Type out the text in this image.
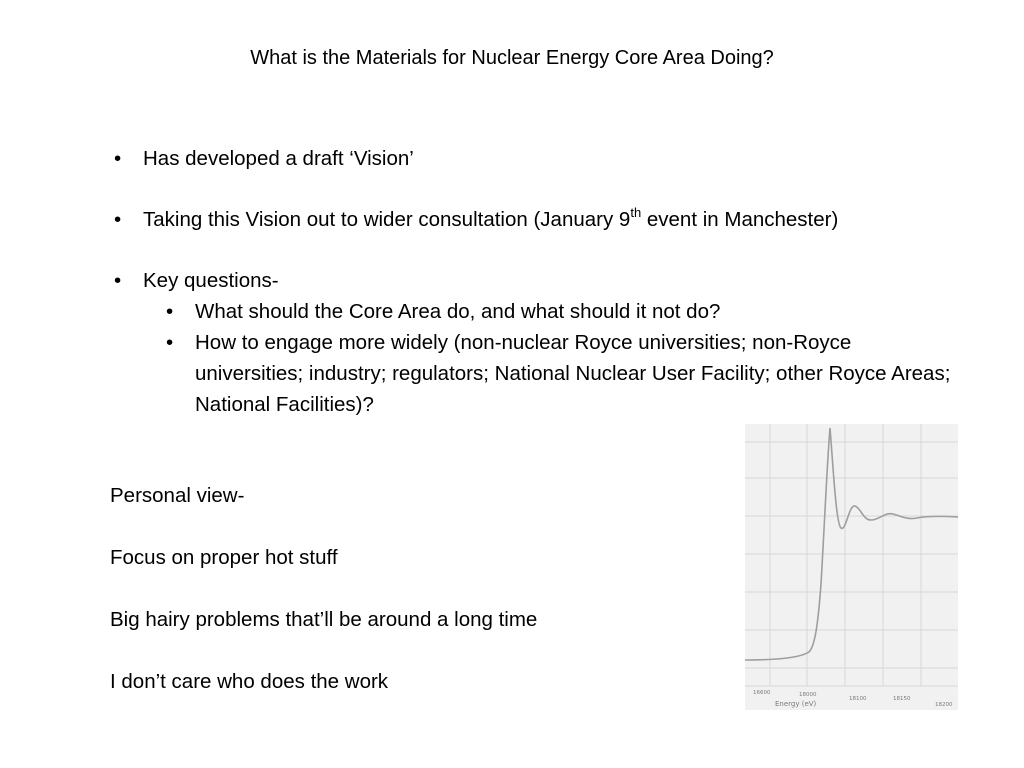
What is the Materials for Nuclear Energy Core Area Doing?
• Has developed a draft ‘Vision’
• Taking this Vision out to wider consultation (January 9th event in Manchester)
• Key questions-
• What should the Core Area do, and what should it not do?
• How to engage more widely (non-nuclear Royce universities; non-Royce universities; industry; regulators; National Nuclear User Facility; other Royce Areas; National Facilities)?

Personal view-

Focus on proper hot stuff

Big hairy problems that’ll be around a long time

I don’t care who does the work	16600	18000
18100	18150
18200
Energy (eV)
